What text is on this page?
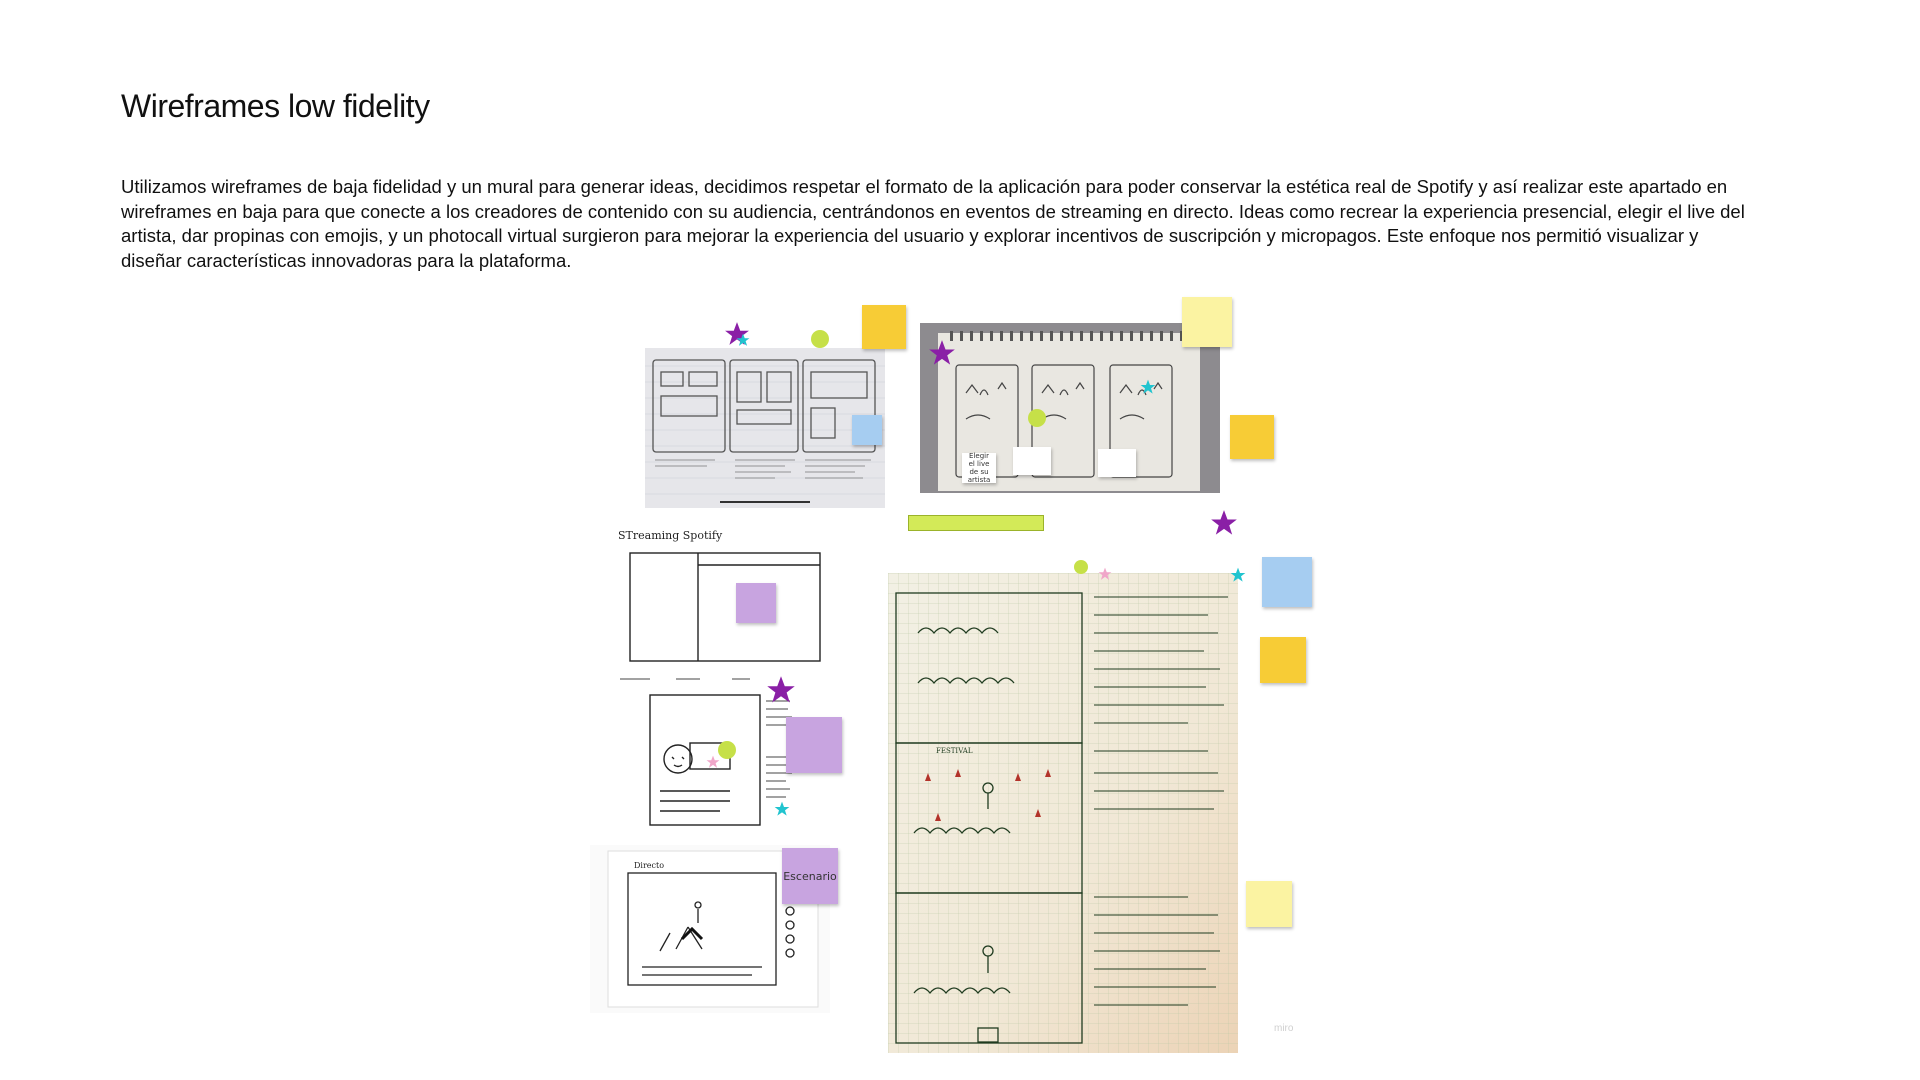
Wireframes low fidelity
Utilizamos wireframes de baja fidelidad y un mural para generar ideas, decidimos respetar el formato de la aplicación para poder conservar la estética real de Spotify y así realizar este apartado en wireframes en baja para que conecte a los creadores de contenido con su audiencia, centrándonos en eventos de streaming en directo. Ideas como recrear la experiencia presencial, elegir el live del artista, dar propinas con emojis, y un photocall virtual surgieron para mejorar la experiencia del usuario y explorar incentivos de suscripción y micropagos. Este enfoque nos permitió visualizar y diseñar características innovadoras para la plataforma.
STreaming Spotify
Directo
FESTIVAL
Elegir el live de su artista
Escenario
miro
